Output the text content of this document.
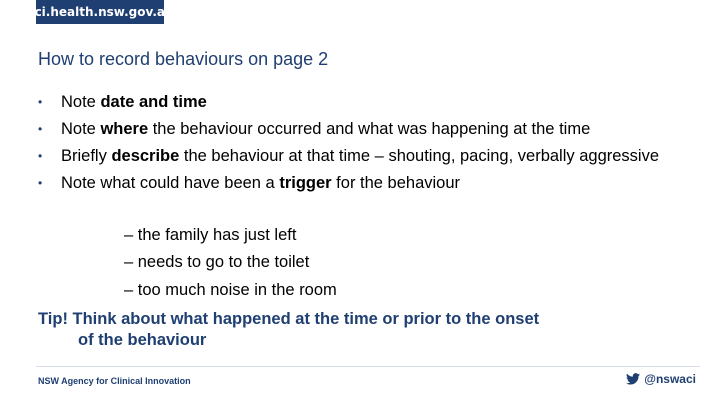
aci.health.nsw.gov.au
How to record behaviours on page 2
• Note date and time
• Note where the behaviour occurred and what was happening at the time
• Briefly describe the behaviour at that time – shouting, pacing, verbally aggressive
• Note what could have been a trigger for the behaviour
– the family has just left
– needs to go to the toilet
– too much noise in the room
Tip! Think about what happened at the time or prior to the onset
of the behaviour
NSW Agency for Clinical Innovation	@nswaci
